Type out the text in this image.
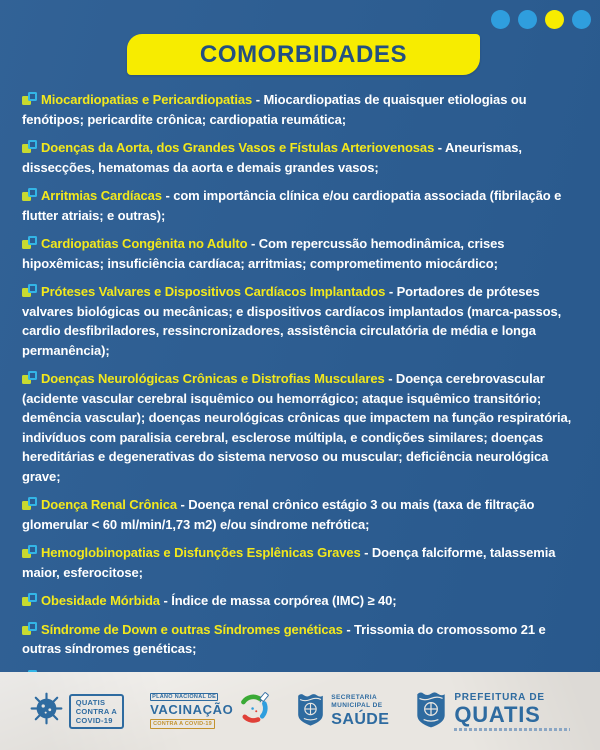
COMORBIDADES

Miocardiopatias e Pericardiopatias - Miocardiopatias de quaisquer etiologias ou fenótipos; pericardite crônica; cardiopatia reumática;

Doenças da Aorta, dos Grandes Vasos e Fístulas Arteriovenosas - Aneurismas, dissecções, hematomas da aorta e demais grandes vasos;

Arritmias Cardíacas - com importância clínica e/ou cardiopatia associada (fibrilação e flutter atriais; e outras);

Cardiopatias Congênita no Adulto - Com repercussão hemodinâmica, crises hipoxêmicas; insuficiência cardíaca; arritmias; comprometimento miocárdico;

Próteses Valvares e Dispositivos Cardíacos Implantados - Portadores de próteses valvares biológicas ou mecânicas; e dispositivos cardíacos implantados (marca-passos, cardio desfibriladores, ressincronizadores, assistência circulatória de média e longa permanência);

Doenças Neurológicas Crônicas e Distrofias Musculares - Doença cerebrovascular (acidente vascular cerebral isquêmico ou hemorrágico; ataque isquêmico transitório; demência vascular); doenças neurológicas crônicas que impactem na função respiratória, indivíduos com paralisia cerebral, esclerose múltipla, e condições similares; doenças hereditárias e degenerativas do sistema nervoso ou muscular; deficiência neurológica grave;

Doença Renal Crônica - Doença renal crônico estágio 3 ou mais (taxa de filtração glomerular < 60 ml/min/1,73 m2) e/ou síndrome nefrótica;

Hemoglobinopatias e Disfunções Esplênicas Graves - Doença falciforme, talassemia maior, esferocitose;

Obesidade Mórbida - Índice de massa corpórea (IMC) ≥ 40;

Síndrome de Down e outras Síndromes genéticas - Trissomia do cromossomo 21 e outras síndromes genéticas;

QUATIS
CONTRA A
COVID-19
PLANO NACIONAL DE
VACINAÇÃO
CONTRA A COVID-19
SECRETARIA
MUNICIPAL DE
SAÚDE
PREFEITURA DE
QUATIS
